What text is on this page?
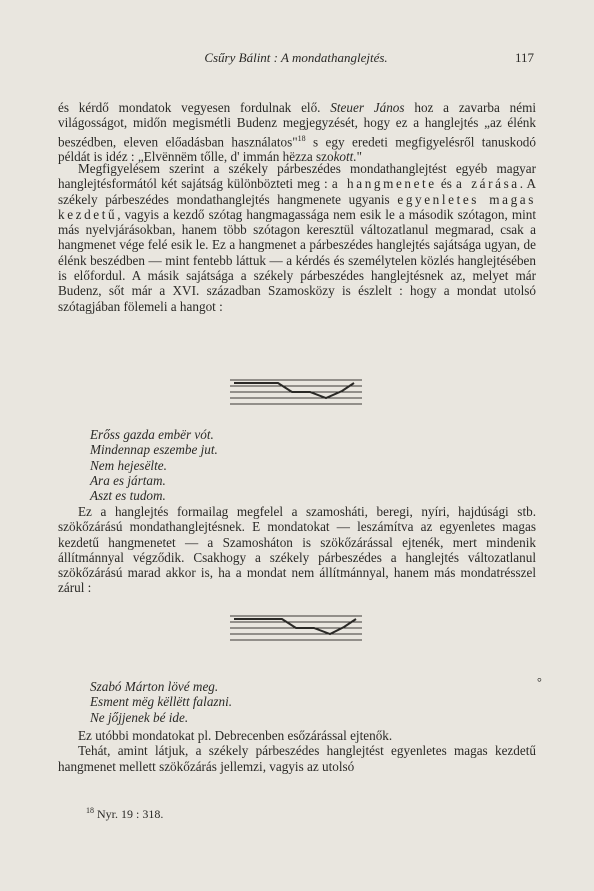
Csűry Bálint : A mondathanglejtés.	117

és kérdő mondatok vegyesen fordulnak elő. Steuer János hoz a zavarba némi világosságot, midőn megismétli Budenz megjegyzését, hogy ez a hanglejtés „az élénk beszédben, eleven előadásban használatos"$^{18}$ s egy eredeti megfigyelésről tanuskodó példát is idéz : „Elvënnëm tőlle, d' immán hëzza szokott."

Megfigyelésem szerint a székely párbeszédes mondathanglejtést egyéb magyar hanglejtésformától két sajátság különbözteti meg : a hangmenete és a zárása. A székely párbeszédes mondathanglejtés hangmenete ugyanis egyenletes magas kezdetű, vagyis a kezdő szótag hangmagassága nem esik le a második szótagon, mint más nyelvjárásokban, hanem több szótagon keresztül változatlanul megmarad, csak a hangmenet vége felé esik le. Ez a hangmenet a párbeszédes hanglejtés sajátsága ugyan, de élénk beszédben — mint fentebb láttuk — a kérdés és személytelen közlés hanglejtésében is előfordul. A másik sajátsága a székely párbeszédes hanglejtésnek az, melyet már Budenz, sőt már a XVI. században Szamosközy is észlelt : hogy a mondat utolsó szótagjában fölemeli a hangot :

Erőss gazda embër vót.
Mindennap eszembe jut.
Nem hejesëlte.
Ara es jártam.
Aszt es tudom.

Ez a hanglejtés formailag megfelel a szamosháti, beregi, nyíri, hajdúsági stb. szökőzárású mondathanglejtésnek. E mondatokat — leszámítva az egyenletes magas kezdetű hangmenetet — a Szamosháton is szökőzárással ejtenék, mert mindenik állítmánnyal végződik. Csakhogy a székely párbeszédes a hanglejtés változatlanul szökőzárású marad akkor is, ha a mondat nem állítmánnyal, hanem más mondatrésszel zárul :

Szabó Márton lövé meg.
Esment mëg këllëtt falazni.
Ne jőjjenek bé ide.

Ez utóbbi mondatokat pl. Debrecenben esőzárással ejtenők.

Tehát, amint látjuk, a székely párbeszédes hanglejtést egyenletes magas kezdetű hangmenet mellett szökőzárás jellemzi, vagyis az utolsó

°
$^{18}$ Nyr. 19 : 318.
